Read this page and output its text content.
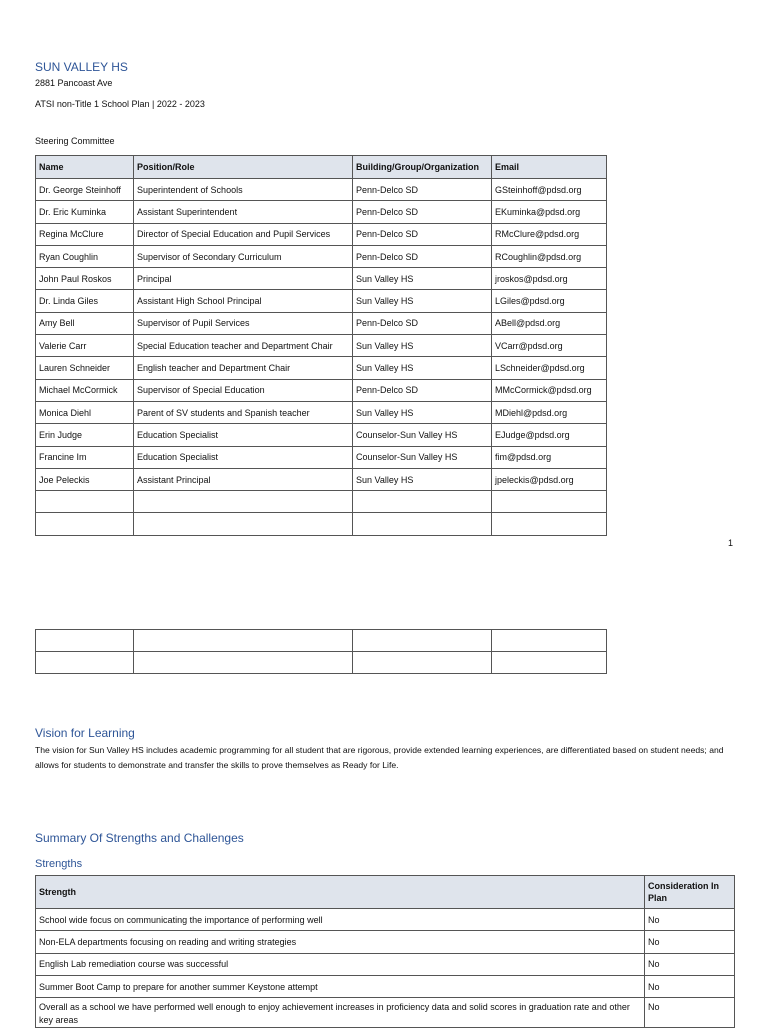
SUN VALLEY HS
2881 Pancoast Ave
ATSI non-Title 1 School Plan | 2022 - 2023
Steering Committee
Name	Position/Role	Building/Group/Organization	Email
Dr. George Steinhoff	Superintendent of Schools	Penn-Delco SD	GSteinhoff@pdsd.org
Dr. Eric Kuminka	Assistant Superintendent	Penn-Delco SD	EKuminka@pdsd.org
Regina McClure	Director of Special Education and Pupil Services	Penn-Delco SD	RMcClure@pdsd.org
Ryan Coughlin	Supervisor of Secondary Curriculum	Penn-Delco SD	RCoughlin@pdsd.org
John Paul Roskos	Principal	Sun Valley HS	jroskos@pdsd.org
Dr. Linda Giles	Assistant High School Principal	Sun Valley HS	LGiles@pdsd.org
Amy Bell	Supervisor of Pupil Services	Penn-Delco SD	ABell@pdsd.org
Valerie Carr	Special Education teacher and Department Chair	Sun Valley HS	VCarr@pdsd.org
Lauren Schneider	English teacher and Department Chair	Sun Valley HS	LSchneider@pdsd.org
Michael McCormick	Supervisor of Special Education	Penn-Delco SD	MMcCormick@pdsd.org
Monica Diehl	Parent of SV students and Spanish teacher	Sun Valley HS	MDiehl@pdsd.org
Erin Judge	Education Specialist	Counselor-Sun Valley HS	EJudge@pdsd.org
Francine Im	Education Specialist	Counselor-Sun Valley HS	fim@pdsd.org
Joe Peleckis	Assistant Principal	Sun Valley HS	jpeleckis@pdsd.org

1

Vision for Learning
The vision for Sun Valley HS includes academic programming for all student that are rigorous, provide extended learning experiences, are differentiated based on student needs; and allows for students to demonstrate and transfer the skills to prove themselves as Ready for Life.
Summary Of Strengths and Challenges
Strengths
Strength	Consideration In Plan
School wide focus on communicating the importance of performing well	No
Non-ELA departments focusing on reading and writing strategies	No
English Lab remediation course was successful	No
Summer Boot Camp to prepare for another summer Keystone attempt	No
Overall as a school we have performed well enough to enjoy achievement increases in proficiency data and solid scores in graduation rate and other key areas	No
